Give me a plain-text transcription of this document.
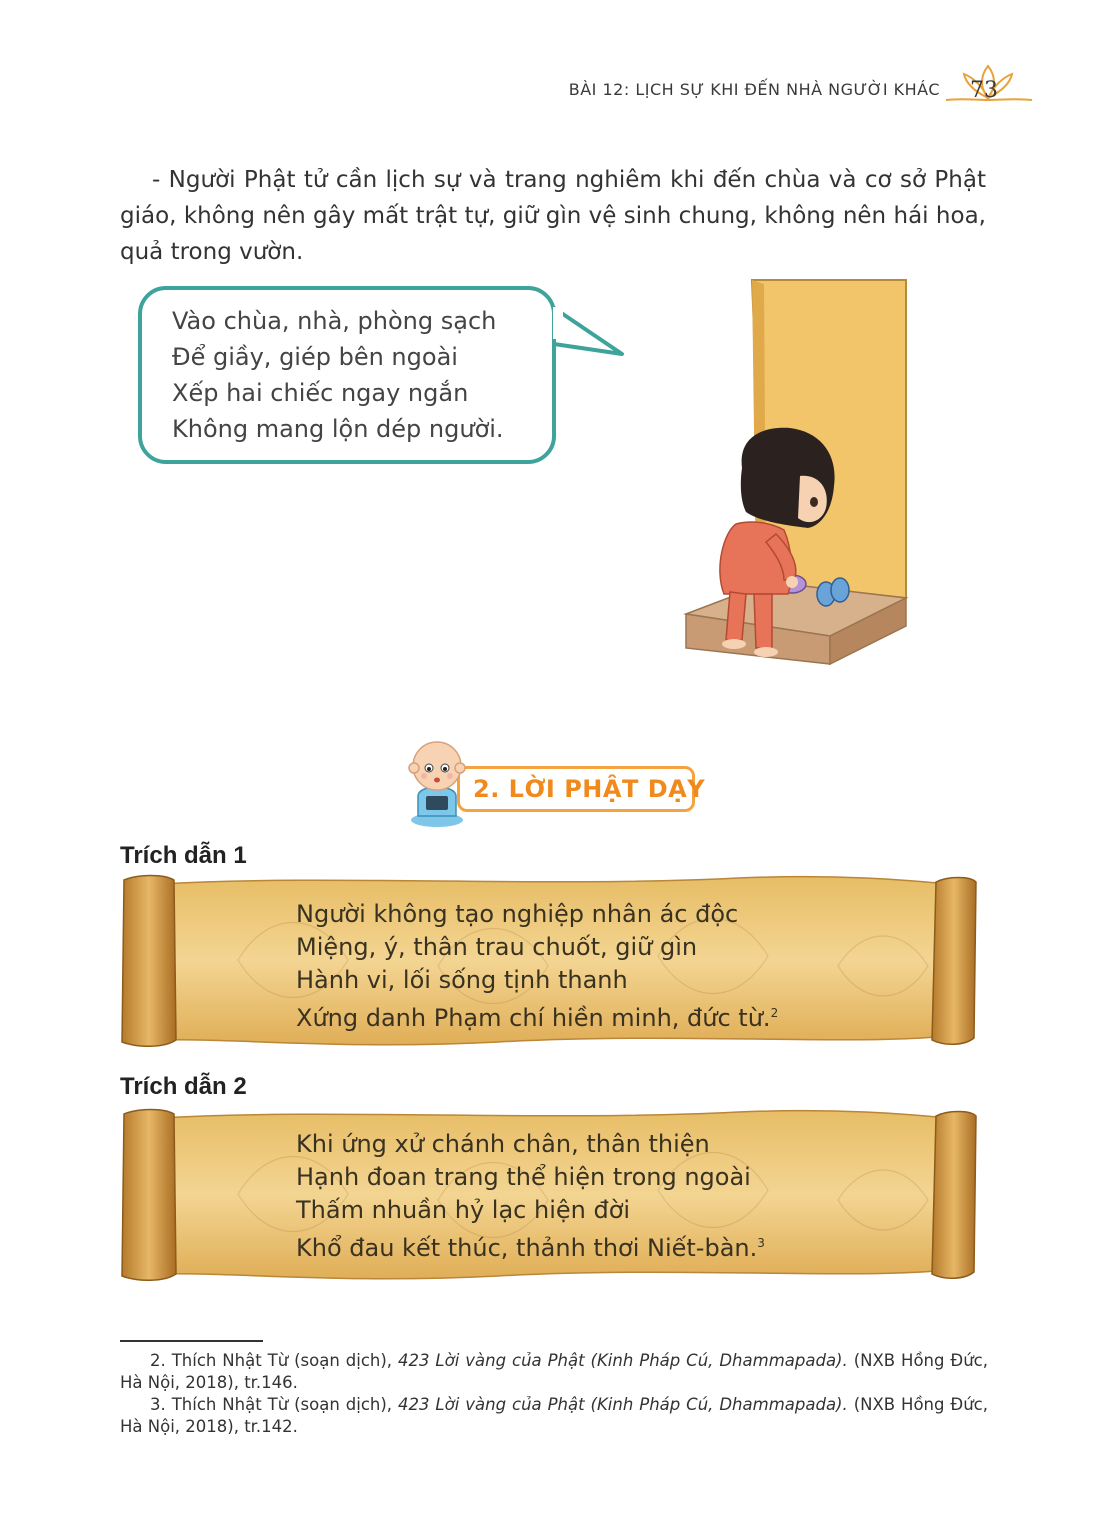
BÀI 12: LỊCH SỰ KHI ĐẾN NHÀ NGƯỜI KHÁC 73
- Người Phật tử cần lịch sự và trang nghiêm khi đến chùa và cơ sở Phật giáo, không nên gây mất trật tự, giữ gìn vệ sinh chung, không nên hái hoa, quả trong vườn.
Vào chùa, nhà, phòng sạch
Để giầy, giép bên ngoài
Xếp hai chiếc ngay ngắn
Không mang lộn dép người.
2. LỜI PHẬT DẠY
Trích dẫn 1
Người không tạo nghiệp nhân ác độc
Miệng, ý, thân trau chuốt, giữ gìn
Hành vi, lối sống tịnh thanh
Xứng danh Phạm chí hiền minh, đức từ.$^2$
Trích dẫn 2
Khi ứng xử chánh chân, thân thiện
Hạnh đoan trang thể hiện trong ngoài
Thấm nhuần hỷ lạc hiện đời
Khổ đau kết thúc, thảnh thơi Niết-bàn.$^3$

2. Thích Nhật Từ (soạn dịch), 423 Lời vàng của Phật (Kinh Pháp Cú, Dhammapada). (NXB Hồng Đức, Hà Nội, 2018), tr.146.

3. Thích Nhật Từ (soạn dịch), 423 Lời vàng của Phật (Kinh Pháp Cú, Dhammapada). (NXB Hồng Đức, Hà Nội, 2018), tr.142.
